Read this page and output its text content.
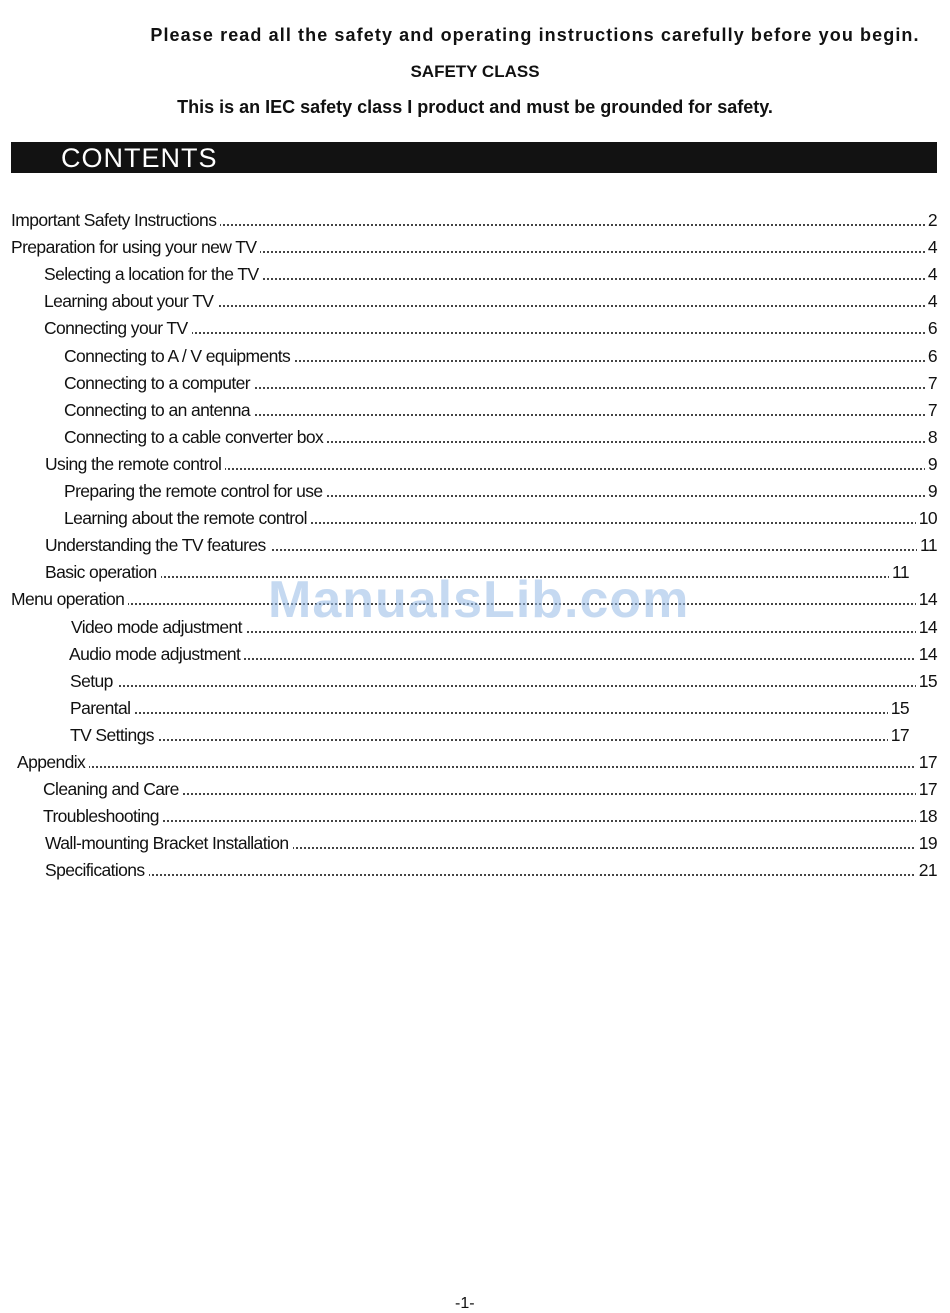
Please read all the safety and operating instructions carefully before you begin.
SAFETY CLASS
This is an IEC safety class I product and must be grounded for safety.
CONTENTS
Important Safety Instructions	2
Preparation for using your new TV	4
Selecting a location for the TV	4
Learning about your TV	4
Connecting your TV	6
Connecting to A / V equipments	6
Connecting to a computer	7
Connecting to an antenna	7
Connecting to a cable converter box	8
Using the remote control	9
Preparing the remote control for use	9
Learning about the remote control	10
Understanding the TV features	11
Basic operation	11
Menu operation	14
Video mode adjustment	14
Audio mode adjustment	14
Setup	15
Parental	15
TV Settings	17
Appendix	17
Cleaning and Care	17
Troubleshooting	18
Wall-mounting Bracket Installation	19
Specifications	21
ManualsLib.com
-1-
